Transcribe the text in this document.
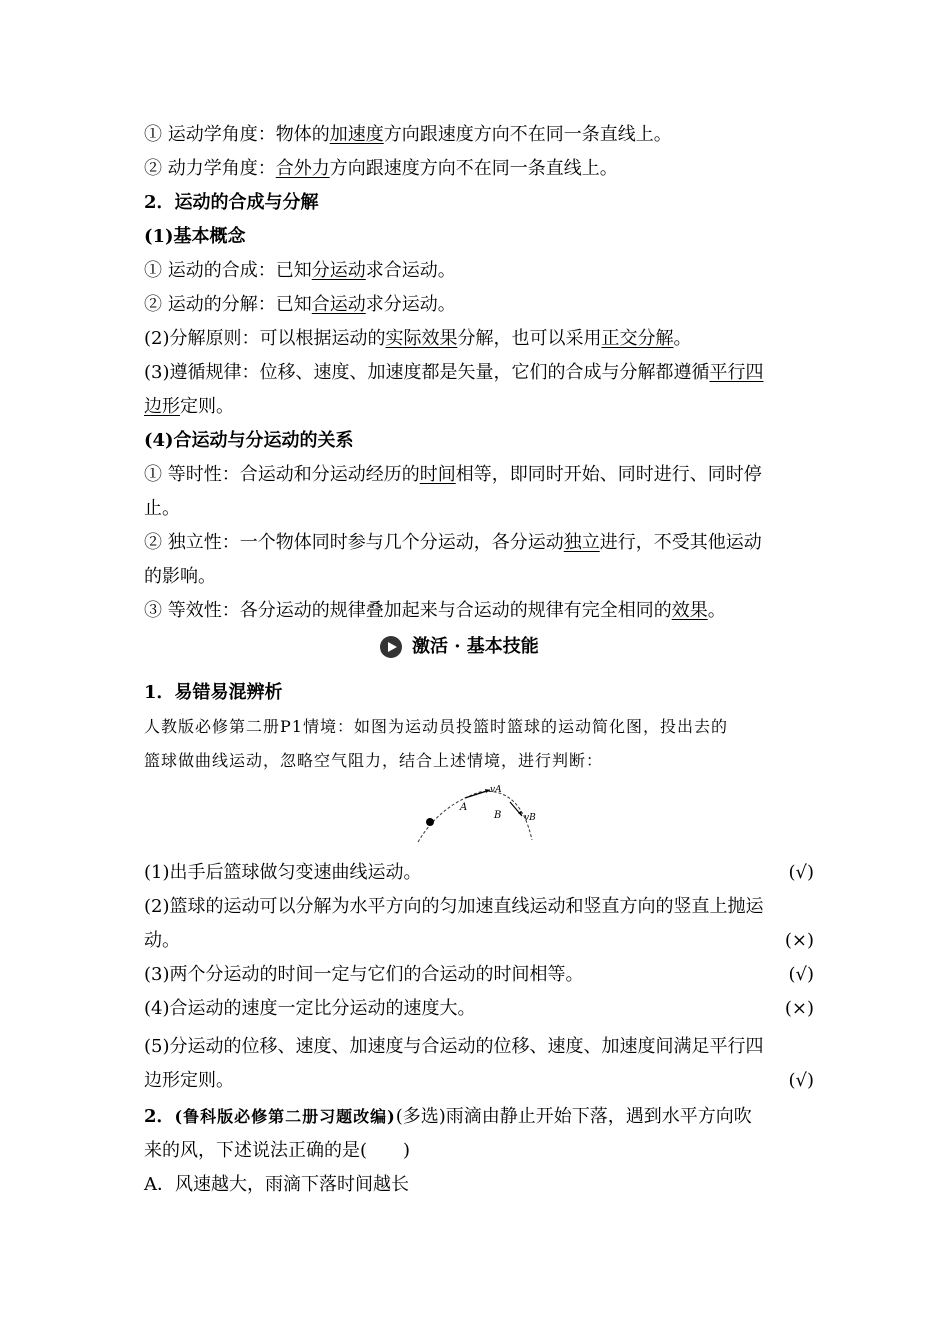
① 运动学角度：物体的加速度方向跟速度方向不在同一条直线上。
② 动力学角度：合外力方向跟速度方向不在同一条直线上。
2．运动的合成与分解
(1)基本概念
① 运动的合成：已知分运动求合运动。
② 运动的分解：已知合运动求分运动。
(2)分解原则：可以根据运动的实际效果分解，也可以采用正交分解。
(3)遵循规律：位移、速度、加速度都是矢量，它们的合成与分解都遵循平行四
边形定则。
(4)合运动与分运动的关系
① 等时性：合运动和分运动经历的时间相等，即同时开始、同时进行、同时停
止。
② 独立性：一个物体同时参与几个分运动，各分运动独立进行，不受其他运动
的影响。
③ 等效性：各分运动的规律叠加起来与合运动的规律有完全相同的效果。
激活 · 基本技能
1．易错易混辨析
人教版必修第二册P1情境：如图为运动员投篮时篮球的运动简化图，投出去的
篮球做曲线运动，忽略空气阻力，结合上述情境，进行判断：
A
B
vA
vB
(1)出手后篮球做匀变速曲线运动。	(√)
(2)篮球的运动可以分解为水平方向的匀加速直线运动和竖直方向的竖直上抛运
动。	(×)
(3)两个分运动的时间一定与它们的合运动的时间相等。	(√)
(4)合运动的速度一定比分运动的速度大。	(×)
(5)分运动的位移、速度、加速度与合运动的位移、速度、加速度间满足平行四
边形定则。	(√)
2．(鲁科版必修第二册习题改编)(多选)雨滴由静止开始下落，遇到水平方向吹
来的风，下述说法正确的是(　　)
A．风速越大，雨滴下落时间越长
